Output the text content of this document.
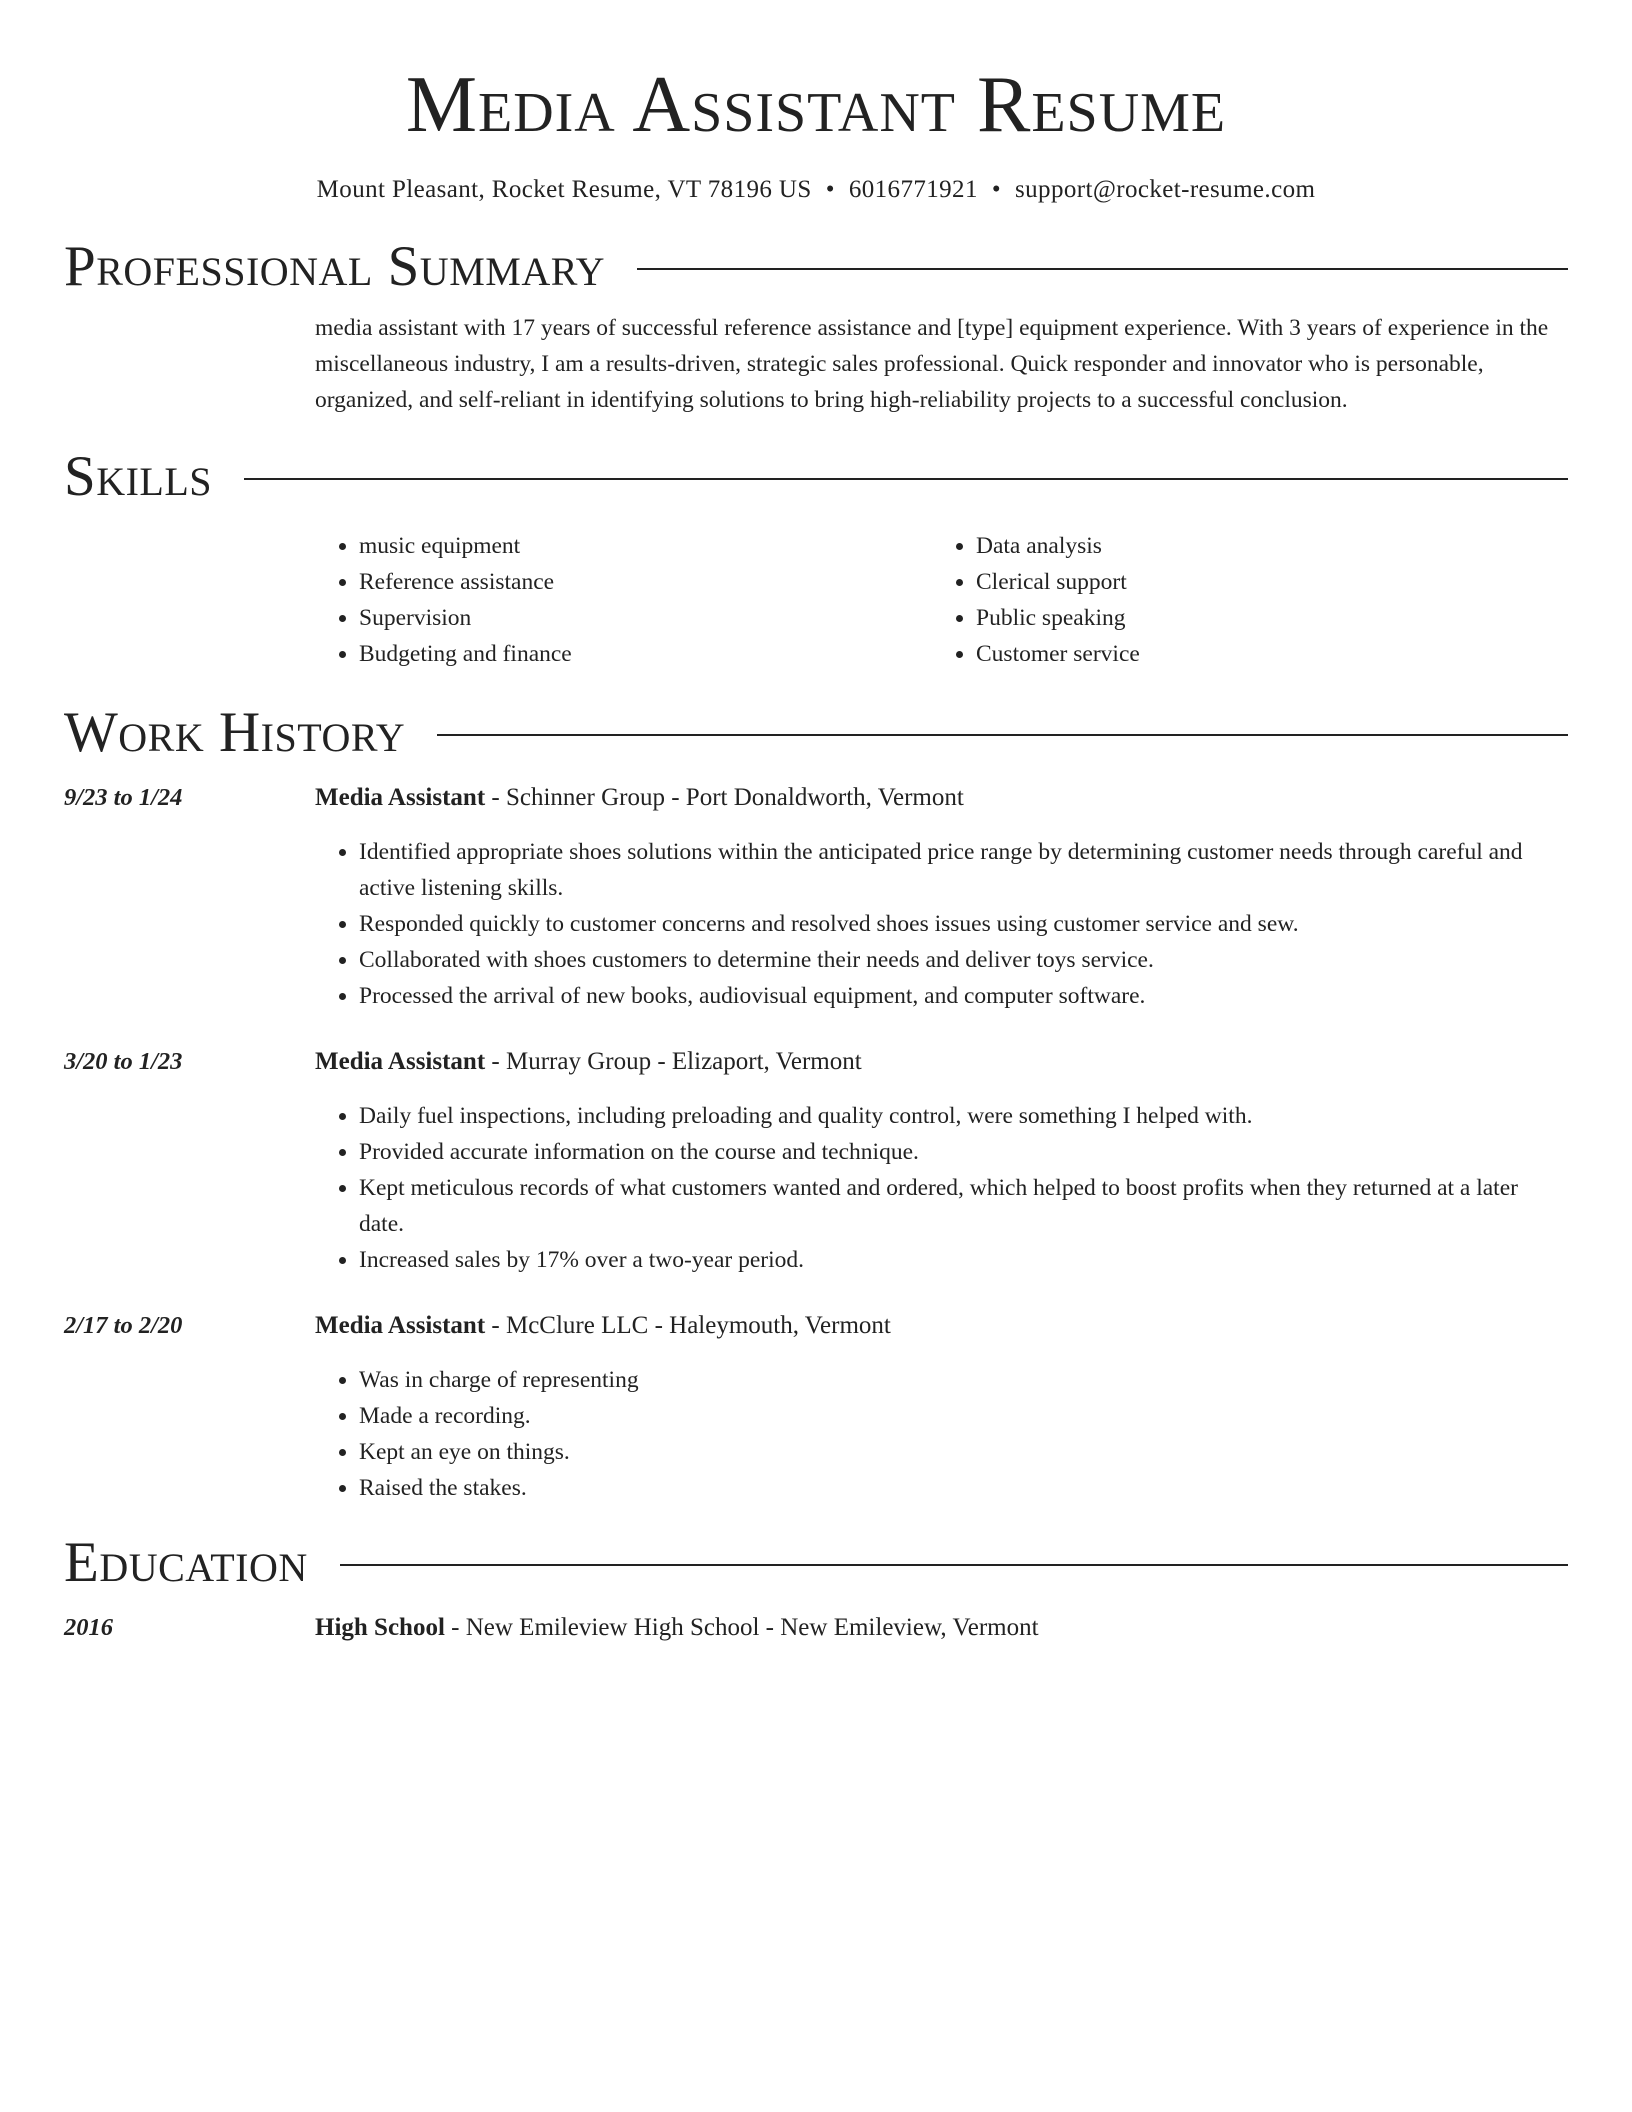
Media Assistant Resume
Mount Pleasant, Rocket Resume, VT 78196 US • 6016771921 • support@rocket-resume.com
Professional Summary
media assistant with 17 years of successful reference assistance and [type] equipment experience. With 3 years of experience in the miscellaneous industry, I am a results-driven, strategic sales professional. Quick responder and innovator who is personable, organized, and self-reliant in identifying solutions to bring high-reliability projects to a successful conclusion.
Skills
• music equipment
• Reference assistance
• Supervision
• Budgeting and finance
• Data analysis
• Clerical support
• Public speaking
• Customer service
Work History
9/23 to 1/24	Media Assistant - Schinner Group - Port Donaldworth, Vermont
• Identified appropriate shoes solutions within the anticipated price range by determining customer needs through careful and active listening skills.
• Responded quickly to customer concerns and resolved shoes issues using customer service and sew.
• Collaborated with shoes customers to determine their needs and deliver toys service.
• Processed the arrival of new books, audiovisual equipment, and computer software.
3/20 to 1/23	Media Assistant - Murray Group - Elizaport, Vermont
• Daily fuel inspections, including preloading and quality control, were something I helped with.
• Provided accurate information on the course and technique.
• Kept meticulous records of what customers wanted and ordered, which helped to boost profits when they returned at a later date.
• Increased sales by 17% over a two-year period.
2/17 to 2/20	Media Assistant - McClure LLC - Haleymouth, Vermont
• Was in charge of representing
• Made a recording.
• Kept an eye on things.
• Raised the stakes.
Education
2016	High School - New Emileview High School - New Emileview, Vermont
